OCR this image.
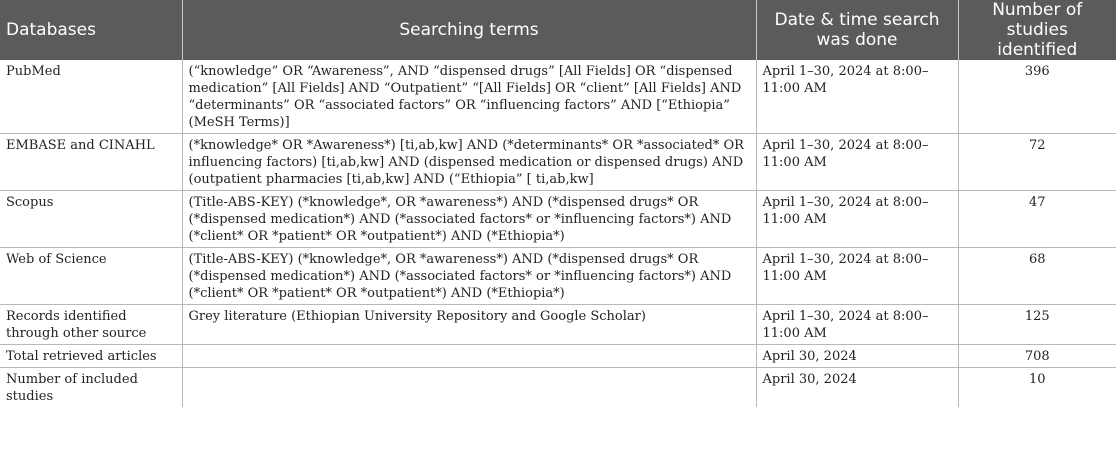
Databases	Searching terms	Date & time search was done	Number of studies identified
PubMed	(“knowledge” OR “Awareness”, AND “dispensed drugs” [All Fields] OR “dispensed medication” [All Fields] AND “Outpatient” “[All Fields] OR “client” [All Fields] AND “determinants” OR “associated factors” OR “influencing factors” AND [“Ethiopia” (MeSH Terms)]	April 1–30, 2024 at 8:00–11:00 AM	396
EMBASE and CINAHL	(*knowledge* OR *Awareness*) [ti,ab,kw] AND (*determinants* OR *associated* OR influencing factors) [ti,ab,kw] AND (dispensed medication or dispensed drugs) AND (outpatient pharmacies [ti,ab,kw] AND (“Ethiopia” [ ti,ab,kw]	April 1–30, 2024 at 8:00–11:00 AM	72
Scopus	(Title-ABS-KEY) (*knowledge*, OR *awareness*) AND (*dispensed drugs* OR (*dispensed medication*) AND (*associated factors* or *influencing factors*) AND (*client* OR *patient* OR *outpatient*) AND (*Ethiopia*)	April 1–30, 2024 at 8:00–11:00 AM	47
Web of Science	(Title-ABS-KEY) (*knowledge*, OR *awareness*) AND (*dispensed drugs* OR (*dispensed medication*) AND (*associated factors* or *influencing factors*) AND (*client* OR *patient* OR *outpatient*) AND (*Ethiopia*)	April 1–30, 2024 at 8:00–11:00 AM	68
Records identified through other source	Grey literature (Ethiopian University Repository and Google Scholar)	April 1–30, 2024 at 8:00–11:00 AM	125
Total retrieved articles		April 30, 2024	708
Number of included studies		April 30, 2024	10
